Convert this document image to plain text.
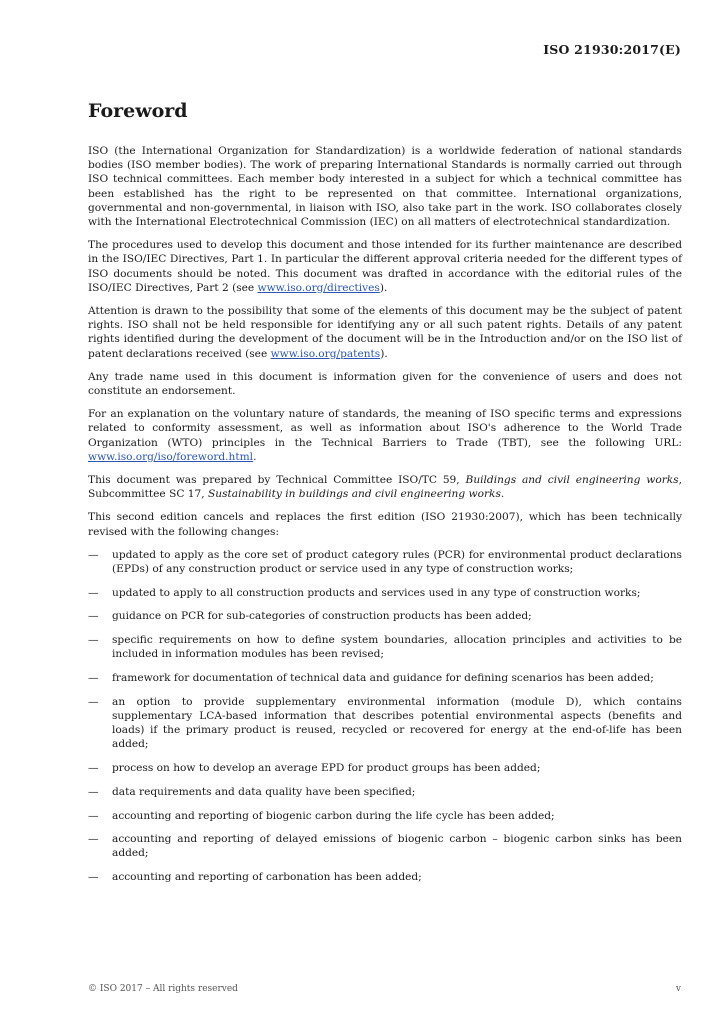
ISO 21930:2017(E)
Foreword

ISO (the International Organization for Standardization) is a worldwide federation of national standards bodies (ISO member bodies). The work of preparing International Standards is normally carried out through ISO technical committees. Each member body interested in a subject for which a technical committee has been established has the right to be represented on that committee. International organizations, governmental and non-governmental, in liaison with ISO, also take part in the work. ISO collaborates closely with the International Electrotechnical Commission (IEC) on all matters of electrotechnical standardization.

The procedures used to develop this document and those intended for its further maintenance are described in the ISO/IEC Directives, Part 1. In particular the different approval criteria needed for the different types of ISO documents should be noted. This document was drafted in accordance with the editorial rules of the ISO/IEC Directives, Part 2 (see www.iso.org/directives).

Attention is drawn to the possibility that some of the elements of this document may be the subject of patent rights. ISO shall not be held responsible for identifying any or all such patent rights. Details of any patent rights identified during the development of the document will be in the Introduction and/or on the ISO list of patent declarations received (see www.iso.org/patents).

Any trade name used in this document is information given for the convenience of users and does not constitute an endorsement.

For an explanation on the voluntary nature of standards, the meaning of ISO specific terms and expressions related to conformity assessment, as well as information about ISO's adherence to the World Trade Organization (WTO) principles in the Technical Barriers to Trade (TBT), see the following URL: www.iso.org/iso/foreword.html.

This document was prepared by Technical Committee ISO/TC 59, Buildings and civil engineering works, Subcommittee SC 17, Sustainability in buildings and civil engineering works.

This second edition cancels and replaces the first edition (ISO 21930:2007), which has been technically revised with the following changes:

— updated to apply as the core set of product category rules (PCR) for environmental product declarations (EPDs) of any construction product or service used in any type of construction works;
— updated to apply to all construction products and services used in any type of construction works;
— guidance on PCR for sub-categories of construction products has been added;
— specific requirements on how to define system boundaries, allocation principles and activities to be included in information modules has been revised;
— framework for documentation of technical data and guidance for defining scenarios has been added;
— an option to provide supplementary environmental information (module D), which contains supplementary LCA-based information that describes potential environmental aspects (benefits and loads) if the primary product is reused, recycled or recovered for energy at the end-of-life has been added;
— process on how to develop an average EPD for product groups has been added;
— data requirements and data quality have been specified;
— accounting and reporting of biogenic carbon during the life cycle has been added;
— accounting and reporting of delayed emissions of biogenic carbon – biogenic carbon sinks has been added;
— accounting and reporting of carbonation has been added;
© ISO 2017 – All rights reserved	v
